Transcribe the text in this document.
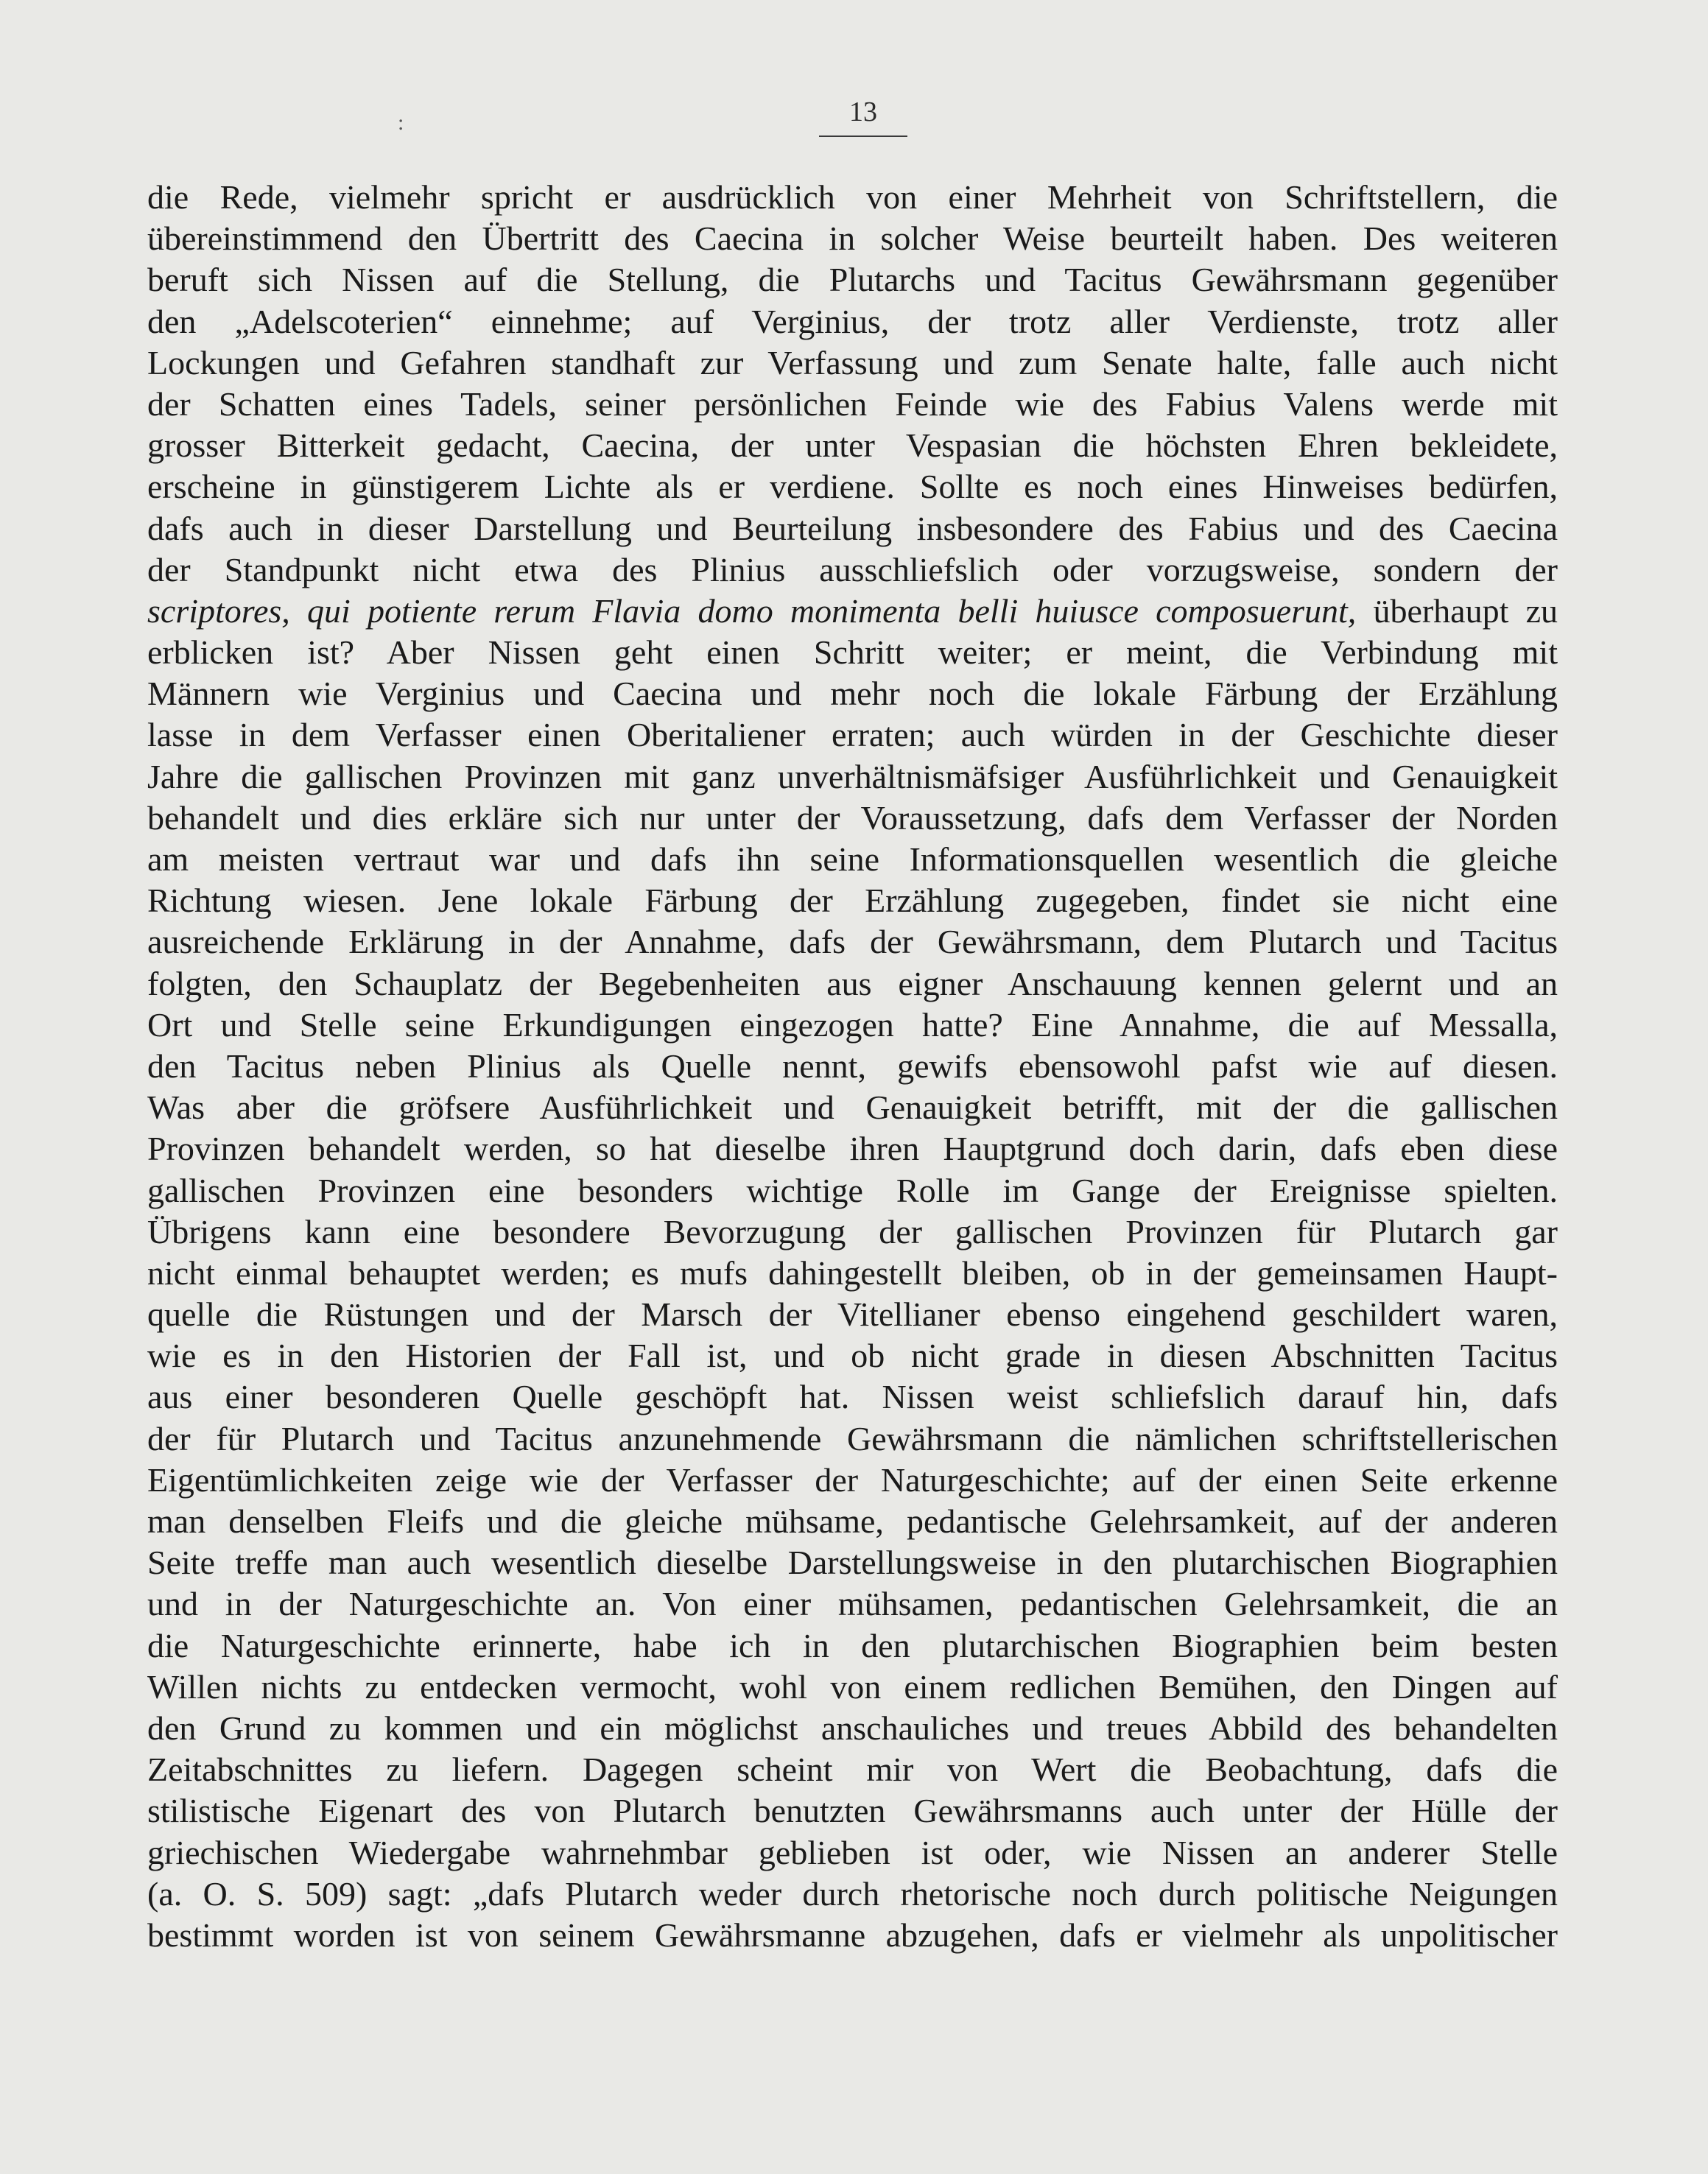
:	13
die Rede, vielmehr spricht er ausdrücklich von einer Mehrheit von Schriftstellern, die
übereinstimmend den Übertritt des Caecina in solcher Weise beurteilt haben. Des weiteren
beruft sich Nissen auf die Stellung, die Plutarchs und Tacitus Gewährsmann gegenüber
den „Adelscoterien“ einnehme; auf Verginius, der trotz aller Verdienste, trotz aller
Lockungen und Gefahren standhaft zur Verfassung und zum Senate halte, falle auch nicht
der Schatten eines Tadels, seiner persönlichen Feinde wie des Fabius Valens werde mit
grosser Bitterkeit gedacht, Caecina, der unter Vespasian die höchsten Ehren bekleidete,
erscheine in günstigerem Lichte als er verdiene. Sollte es noch eines Hinweises bedürfen,
dafs auch in dieser Darstellung und Beurteilung insbesondere des Fabius und des Caecina
der Standpunkt nicht etwa des Plinius ausschliefslich oder vorzugsweise, sondern der
scriptores, qui potiente rerum Flavia domo monimenta belli huiusce composuerunt, überhaupt zu
erblicken ist? Aber Nissen geht einen Schritt weiter; er meint, die Verbindung mit
Männern wie Verginius und Caecina und mehr noch die lokale Färbung der Erzählung
lasse in dem Verfasser einen Oberitaliener erraten; auch würden in der Geschichte dieser
Jahre die gallischen Provinzen mit ganz unverhältnismäfsiger Ausführlichkeit und Genauigkeit
behandelt und dies erkläre sich nur unter der Voraussetzung, dafs dem Verfasser der Norden
am meisten vertraut war und dafs ihn seine Informationsquellen wesentlich die gleiche
Richtung wiesen. Jene lokale Färbung der Erzählung zugegeben, findet sie nicht eine
ausreichende Erklärung in der Annahme, dafs der Gewährsmann, dem Plutarch und Tacitus
folgten, den Schauplatz der Begebenheiten aus eigner Anschauung kennen gelernt und an
Ort und Stelle seine Erkundigungen eingezogen hatte? Eine Annahme, die auf Messalla,
den Tacitus neben Plinius als Quelle nennt, gewifs ebensowohl pafst wie auf diesen.
Was aber die gröfsere Ausführlichkeit und Genauigkeit betrifft, mit der die gallischen
Provinzen behandelt werden, so hat dieselbe ihren Hauptgrund doch darin, dafs eben diese
gallischen Provinzen eine besonders wichtige Rolle im Gange der Ereignisse spielten.
Übrigens kann eine besondere Bevorzugung der gallischen Provinzen für Plutarch gar
nicht einmal behauptet werden; es mufs dahingestellt bleiben, ob in der gemeinsamen Haupt-
quelle die Rüstungen und der Marsch der Vitellianer ebenso eingehend geschildert waren,
wie es in den Historien der Fall ist, und ob nicht grade in diesen Abschnitten Tacitus
aus einer besonderen Quelle geschöpft hat. Nissen weist schliefslich darauf hin, dafs
der für Plutarch und Tacitus anzunehmende Gewährsmann die nämlichen schriftstellerischen
Eigentümlichkeiten zeige wie der Verfasser der Naturgeschichte; auf der einen Seite erkenne
man denselben Fleifs und die gleiche mühsame, pedantische Gelehrsamkeit, auf der anderen
Seite treffe man auch wesentlich dieselbe Darstellungsweise in den plutarchischen Biographien
und in der Naturgeschichte an. Von einer mühsamen, pedantischen Gelehrsamkeit, die an
die Naturgeschichte erinnerte, habe ich in den plutarchischen Biographien beim besten
Willen nichts zu entdecken vermocht, wohl von einem redlichen Bemühen, den Dingen auf
den Grund zu kommen und ein möglichst anschauliches und treues Abbild des behandelten
Zeitabschnittes zu liefern. Dagegen scheint mir von Wert die Beobachtung, dafs die
stilistische Eigenart des von Plutarch benutzten Gewährsmanns auch unter der Hülle der
griechischen Wiedergabe wahrnehmbar geblieben ist oder, wie Nissen an anderer Stelle
(a. O. S. 509) sagt: „dafs Plutarch weder durch rhetorische noch durch politische Neigungen
bestimmt worden ist von seinem Gewährsmanne abzugehen, dafs er vielmehr als unpolitischer
